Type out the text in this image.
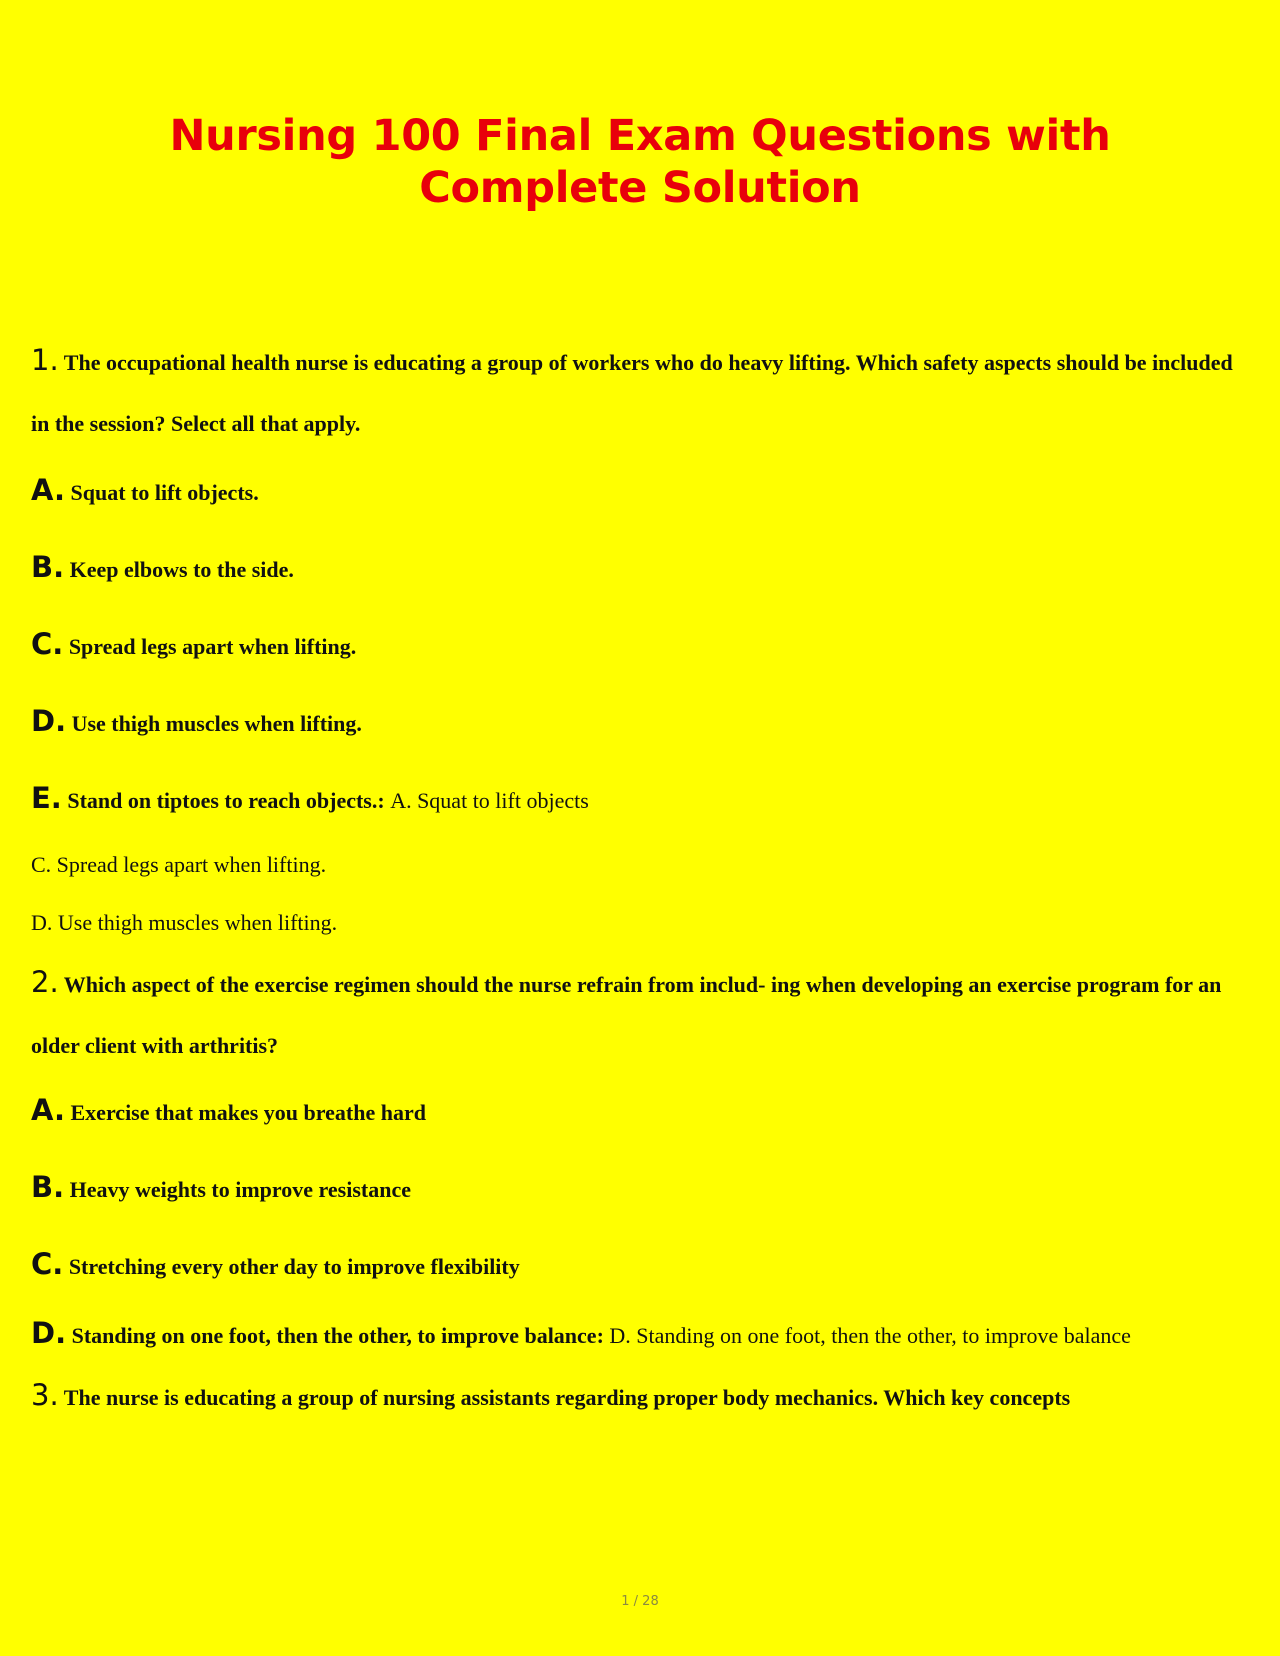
Nursing 100 Final Exam Questions with Complete Solution

1. The occupational health nurse is educating a group of workers who do heavy lifting. Which safety aspects should be included in the session? Select all that apply.

A. Squat to lift objects.

B. Keep elbows to the side.

C. Spread legs apart when lifting.

D. Use thigh muscles when lifting.

E. Stand on tiptoes to reach objects.: A. Squat to lift objects

C. Spread legs apart when lifting.

D. Use thigh muscles when lifting.

2. Which aspect of the exercise regimen should the nurse refrain from includ- ing when developing an exercise program for an older client with arthritis?

A. Exercise that makes you breathe hard

B. Heavy weights to improve resistance

C. Stretching every other day to improve flexibility

D. Standing on one foot, then the other, to improve balance: D. Standing on one foot, then the other, to improve balance

3. The nurse is educating a group of nursing assistants regarding proper body mechanics. Which key concepts

1 / 28
